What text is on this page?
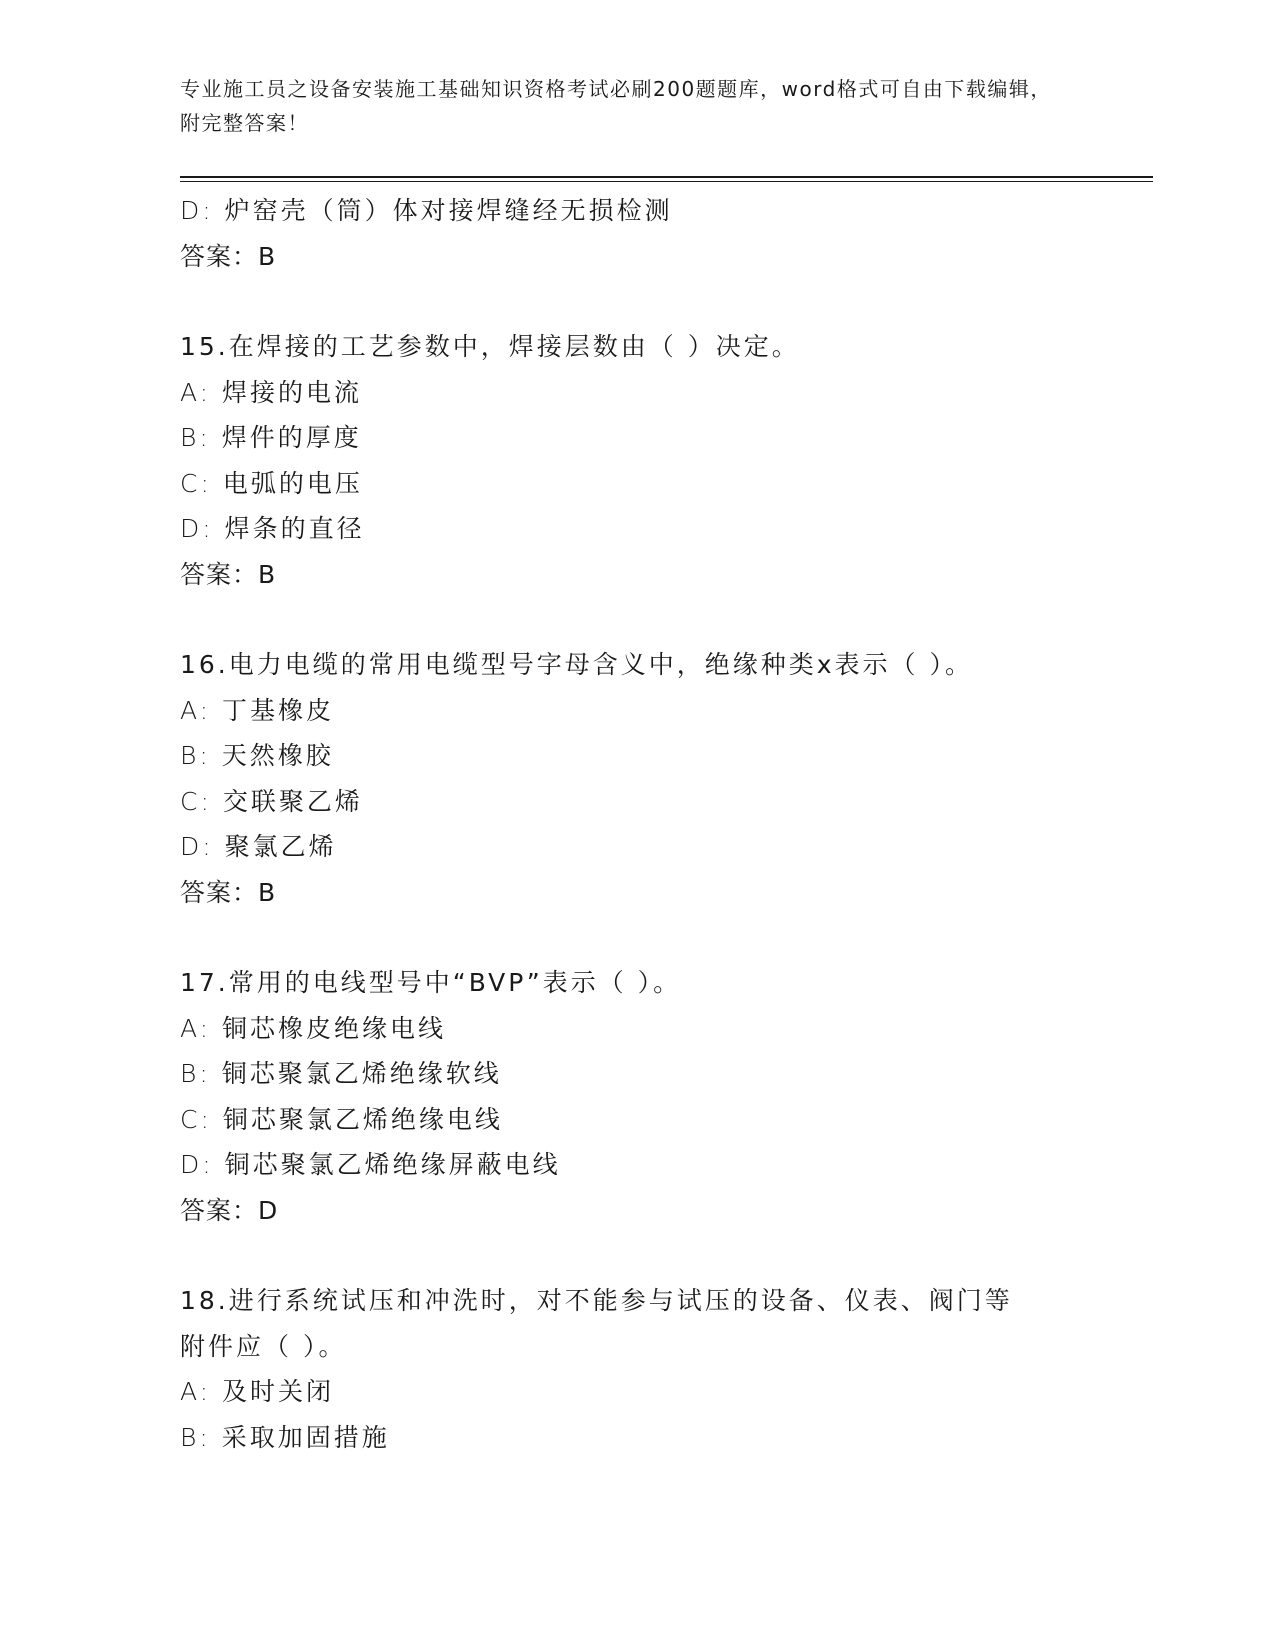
专业施工员之设备安装施工基础知识资格考试必刷200题题库，word格式可自由下载编辑，附完整答案！
D: 炉窑壳（筒）体对接焊缝经无损检测
答案：B
15.在焊接的工艺参数中，焊接层数由（ ）决定。
A: 焊接的电流
B: 焊件的厚度
C: 电弧的电压
D: 焊条的直径
答案：B
16.电力电缆的常用电缆型号字母含义中，绝缘种类x表示（ ）。
A: 丁基橡皮
B: 天然橡胶
C: 交联聚乙烯
D: 聚氯乙烯
答案：B
17.常用的电线型号中“BVP”表示（ ）。
A: 铜芯橡皮绝缘电线
B: 铜芯聚氯乙烯绝缘软线
C: 铜芯聚氯乙烯绝缘电线
D: 铜芯聚氯乙烯绝缘屏蔽电线
答案：D
18.进行系统试压和冲洗时，对不能参与试压的设备、仪表、阀门等附件应（ ）。
A: 及时关闭
B: 采取加固措施
